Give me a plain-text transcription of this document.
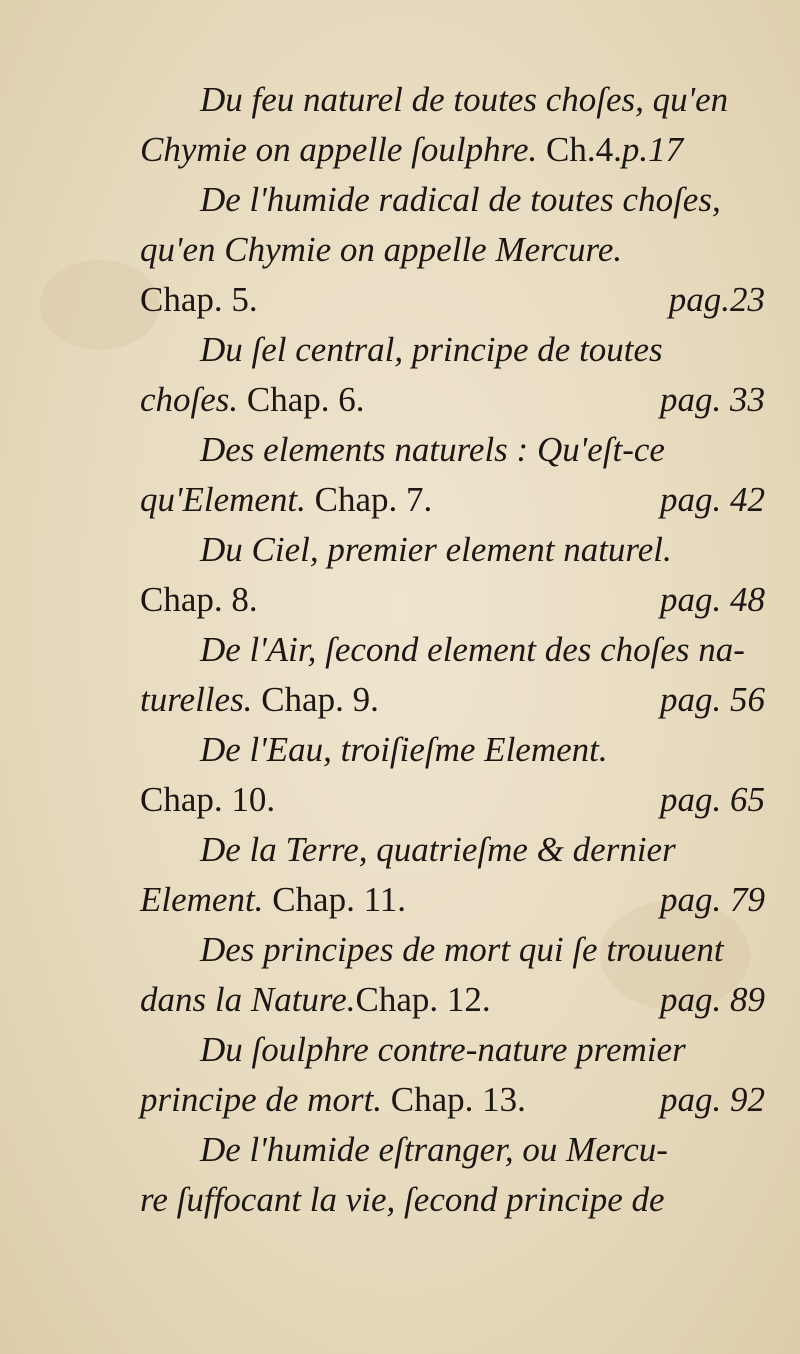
Du feu naturel de toutes choſes, qu'en
Chymie on appelle ſoulphre. Ch.4.p.17
De l'humide radical de toutes choſes,
qu'en Chymie on appelle Mercure.
Chap. 5.	pag.23
Du ſel central, principe de toutes
choſes. Chap. 6.	pag. 33
Des elements naturels : Qu'eſt-ce
qu'Element. Chap. 7.	pag. 42
Du Ciel, premier element naturel.
Chap. 8.	pag. 48
De l'Air, ſecond element des choſes na-
turelles. Chap. 9.	pag. 56
De l'Eau, troiſieſme Element.
Chap. 10.	pag. 65
De la Terre, quatrieſme & dernier
Element. Chap. 11.	pag. 79
Des principes de mort qui ſe trouuent
dans la Nature.Chap. 12.	pag. 89
Du ſoulphre contre-nature premier
principe de mort. Chap. 13.	pag. 92
De l'humide eſtranger, ou Mercu-
re ſuffocant la vie, ſecond principe de
